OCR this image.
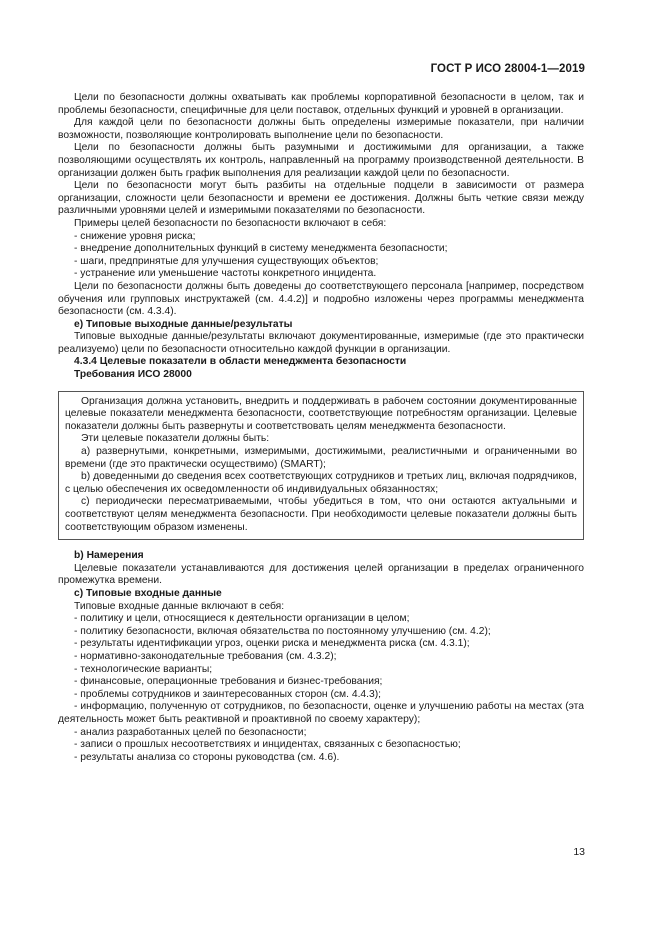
ГОСТ Р ИСО 28004-1—2019

Цели по безопасности должны охватывать как проблемы корпоративной безопасности в целом, так и проблемы безопасности, специфичные для цели поставок, отдельных функций и уровней в организации.

Для каждой цели по безопасности должны быть определены измеримые показатели, при наличии возможности, позволяющие контролировать выполнение цели по безопасности.

Цели по безопасности должны быть разумными и достижимыми для организации, а также позволяющими осуществлять их контроль, направленный на программу производственной деятельности. В организации должен быть график выполнения для реализации каждой цели по безопасности.

Цели по безопасности могут быть разбиты на отдельные подцели в зависимости от размера организации, сложности цели безопасности и времени ее достижения. Должны быть четкие связи между различными уровнями целей и измеримыми показателями по безопасности.

Примеры целей безопасности по безопасности включают в себя:

- снижение уровня риска;

- внедрение дополнительных функций в систему менеджмента безопасности;

- шаги, предпринятые для улучшения существующих объектов;

- устранение или уменьшение частоты конкретного инцидента.

Цели по безопасности должны быть доведены до соответствующего персонала [например, посредством обучения или групповых инструктажей (см. 4.4.2)] и подробно изложены через программы менеджмента безопасности (см. 4.3.4).

e) Типовые выходные данные/результаты

Типовые выходные данные/результаты включают документированные, измеримые (где это практически реализуемо) цели по безопасности относительно каждой функции в организации.

4.3.4 Целевые показатели в области менеджмента безопасности

Требования ИСО 28000

Организация должна установить, внедрить и поддерживать в рабочем состоянии документированные целевые показатели менеджмента безопасности, соответствующие потребностям организации. Целевые показатели должны быть развернуты и соответствовать целям менеджмента безопасности.

Эти целевые показатели должны быть:

а) развернутыми, конкретными, измеримыми, достижимыми, реалистичными и ограниченными во времени (где это практически осуществимо) (SMART);

b) доведенными до сведения всех соответствующих сотрудников и третьих лиц, включая подрядчиков, с целью обеспечения их осведомленности об индивидуальных обязанностях;

с) периодически пересматриваемыми, чтобы убедиться в том, что они остаются актуальными и соответствуют целям менеджмента безопасности. При необходимости целевые показатели должны быть соответствующим образом изменены.

b) Намерения

Целевые показатели устанавливаются для достижения целей организации в пределах ограниченного промежутка времени.

c) Типовые входные данные

Типовые входные данные включают в себя:

- политику и цели, относящиеся к деятельности организации в целом;

- политику безопасности, включая обязательства по постоянному улучшению (см. 4.2);

- результаты идентификации угроз, оценки риска и менеджмента риска (см. 4.3.1);

- нормативно-законодательные требования (см. 4.3.2);

- технологические варианты;

- финансовые, операционные требования и бизнес-требования;

- проблемы сотрудников и заинтересованных сторон (см. 4.4.3);

- информацию, полученную от сотрудников, по безопасности, оценке и улучшению работы на местах (эта деятельность может быть реактивной и проактивной по своему характеру);

- анализ разработанных целей по безопасности;

- записи о прошлых несоответствиях и инцидентах, связанных с безопасностью;

- результаты анализа со стороны руководства (см. 4.6).

13
